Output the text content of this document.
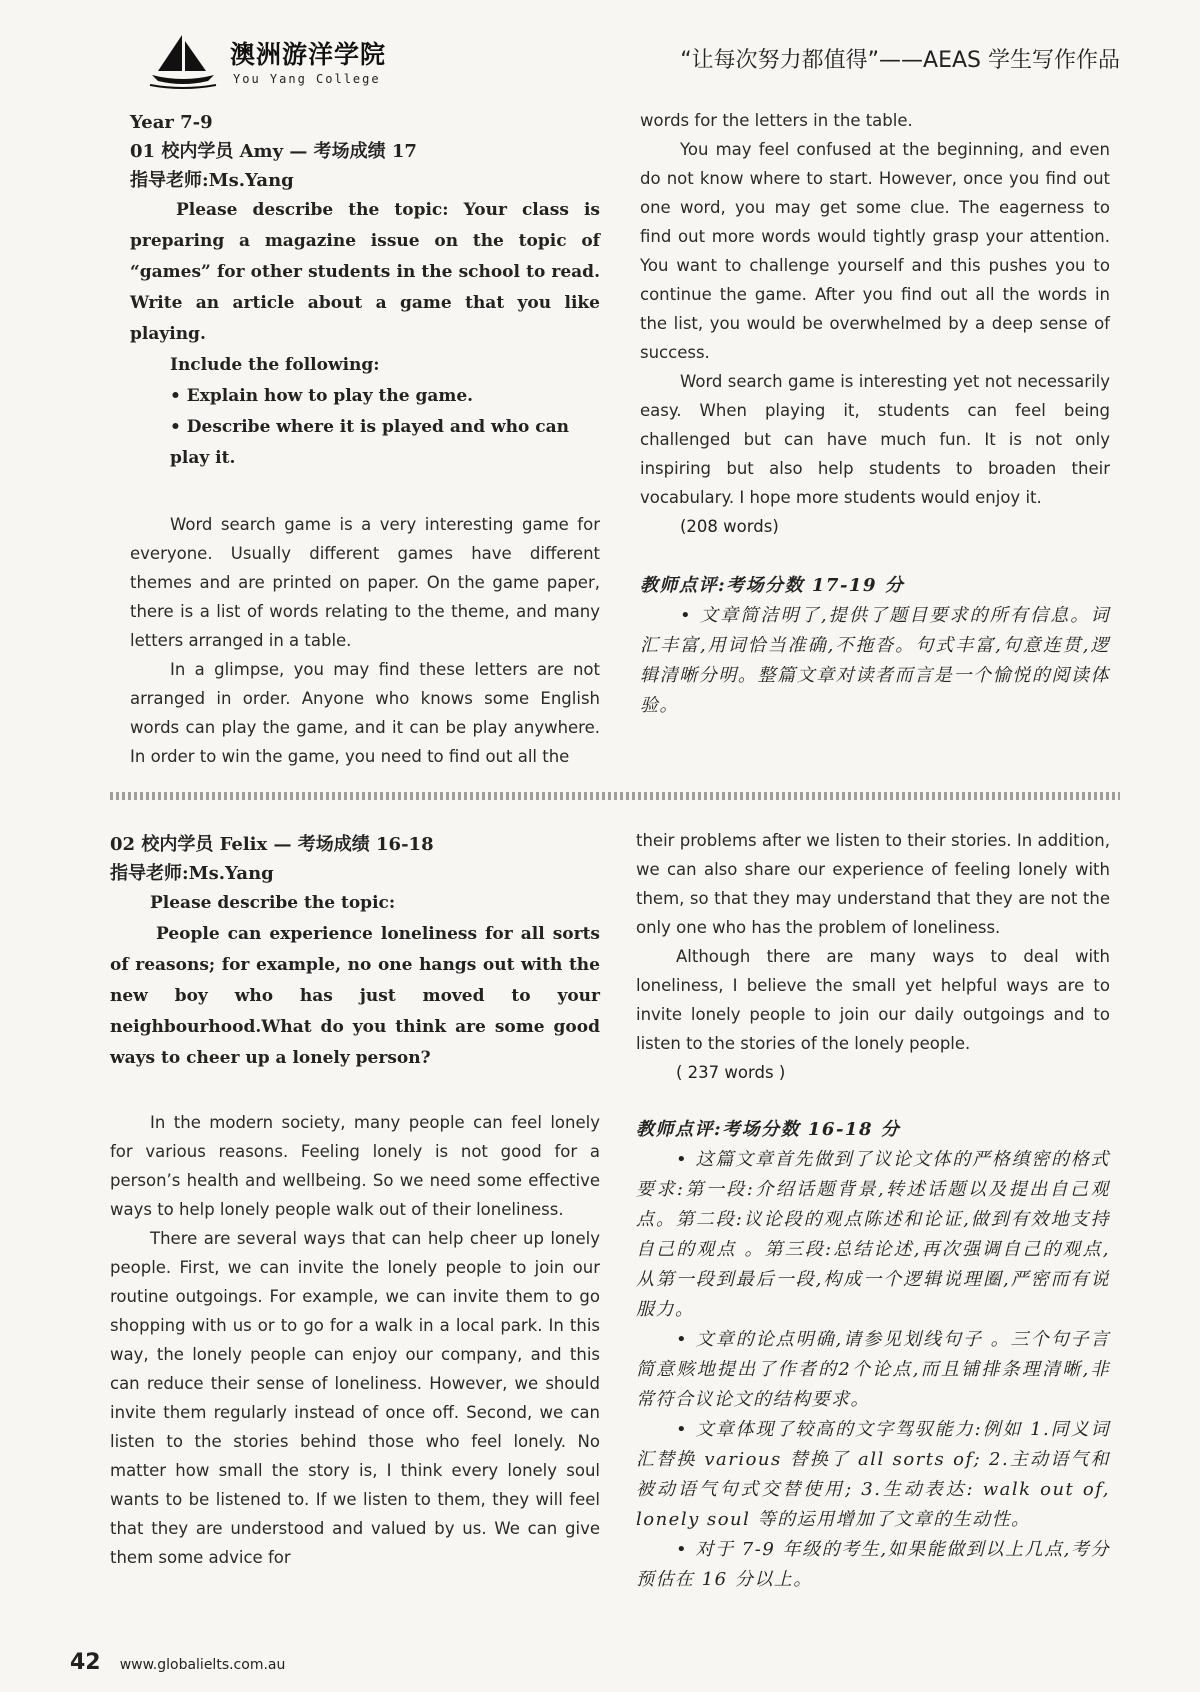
澳洲游洋学院
You Yang College
“让每次努力都值得”——AEAS 学生写作作品

Year 7-9

01 校内学员 Amy — 考场成绩 17

指导老师:Ms.Yang

Please describe the topic: Your class is preparing a magazine issue on the topic of “games” for other students in the school to read. Write an article about a game that you like playing.

Include the following:

• Explain how to play the game.

• Describe where it is played and who can play it.

Word search game is a very interesting game for everyone. Usually different games have different themes and are printed on paper. On the game paper, there is a list of words relating to the theme, and many letters arranged in a table.

In a glimpse, you may find these letters are not arranged in order. Anyone who knows some English words can play the game, and it can be play anywhere. In order to win the game, you need to find out all the

words for the letters in the table.

You may feel confused at the beginning, and even do not know where to start. However, once you find out one word, you may get some clue. The eagerness to find out more words would tightly grasp your attention. You want to challenge yourself and this pushes you to continue the game. After you find out all the words in the list, you would be overwhelmed by a deep sense of success.

Word search game is interesting yet not necessarily easy. When playing it, students can feel being challenged but can have much fun. It is not only inspiring but also help students to broaden their vocabulary. I hope more students would enjoy it.

(208 words)

教师点评:考场分数 17-19 分

• 文章简洁明了,提供了题目要求的所有信息。词汇丰富,用词恰当准确,不拖沓。句式丰富,句意连贯,逻辑清晰分明。整篇文章对读者而言是一个愉悦的阅读体验。

02 校内学员 Felix — 考场成绩 16-18

指导老师:Ms.Yang

Please describe the topic:

People can experience loneliness for all sorts of reasons; for example, no one hangs out with the new boy who has just moved to your neighbourhood.What do you think are some good ways to cheer up a lonely person?

In the modern society, many people can feel lonely for various reasons. Feeling lonely is not good for a person’s health and wellbeing. So we need some effective ways to help lonely people walk out of their loneliness.

There are several ways that can help cheer up lonely people. First, we can invite the lonely people to join our routine outgoings. For example, we can invite them to go shopping with us or to go for a walk in a local park. In this way, the lonely people can enjoy our company, and this can reduce their sense of loneliness. However, we should invite them regularly instead of once off. Second, we can listen to the stories behind those who feel lonely. No matter how small the story is, I think every lonely soul wants to be listened to. If we listen to them, they will feel that they are understood and valued by us. We can give them some advice for

their problems after we listen to their stories. In addition, we can also share our experience of feeling lonely with them, so that they may understand that they are not the only one who has the problem of loneliness.

Although there are many ways to deal with loneliness, I believe the small yet helpful ways are to invite lonely people to join our daily outgoings and to listen to the stories of the lonely people.

( 237 words )

教师点评:考场分数 16-18 分

• 这篇文章首先做到了议论文体的严格缜密的格式要求:第一段:介绍话题背景,转述话题以及提出自己观点。第二段:议论段的观点陈述和论证,做到有效地支持自己的观点 。第三段:总结论述,再次强调自己的观点,从第一段到最后一段,构成一个逻辑说理圈,严密而有说服力。

• 文章的论点明确,请参见划线句子 。三个句子言简意赅地提出了作者的2个论点,而且铺排条理清晰,非常符合议论文的结构要求。

• 文章体现了较高的文字驾驭能力:例如 1.同义词汇替换 various 替换了 all sorts of; 2.主动语气和被动语气句式交替使用; 3.生动表达: walk out of, lonely soul 等的运用增加了文章的生动性。

• 对于 7-9 年级的考生,如果能做到以上几点,考分预估在 16 分以上。

42 www.globalielts.com.au
